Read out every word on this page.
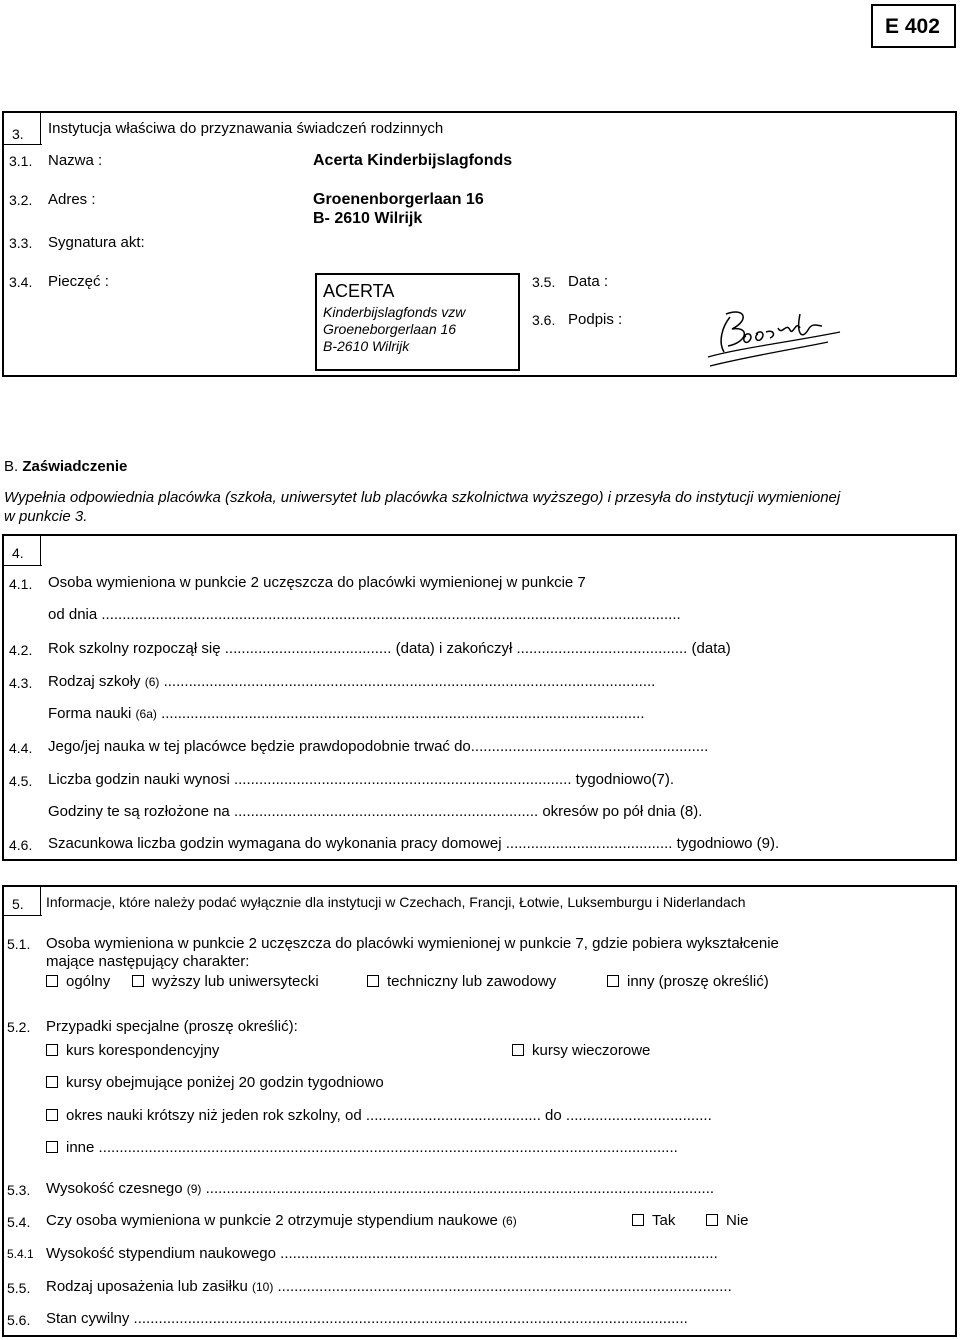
E 402
3. Instytucja właściwa do przyznawania świadczeń rodzinnych
3.1. Nazwa :	Acerta Kinderbijslagfonds
3.2. Adres :	Groenenborgerlaan 16
B- 2610 Wilrijk
3.3. Sygnatura akt:
3.4. Pieczęć :	ACERTA
Kinderbijslagfonds vzw
Groeneborgerlaan 16
B-2610 Wilrijk
3.5. Data :
3.6. Podpis :
B. Zaświadczenie
Wypełnia odpowiednia placówka (szkoła, uniwersytet lub placówka szkolnictwa wyższego) i przesyła do instytucji wymienionej
w punkcie 3.
4.
4.1. Osoba wymieniona w punkcie 2 uczęszcza do placówki wymienionej w punkcie 7
od dnia ...........................................................................................................................................
4.2. Rok szkolny rozpoczął się ........................................ (data) i zakończył ......................................... (data)
4.3. Rodzaj szkoły (6) ......................................................................................................................
Forma nauki (6a) ....................................................................................................................
4.4. Jego/jej nauka w tej placówce będzie prawdopodobnie trwać do.........................................................
4.5. Liczba godzin nauki wynosi ................................................................................. tygodniowo(7).
Godziny te są rozłożone na ......................................................................... okresów po pół dnia (8).
4.6. Szacunkowa liczba godzin wymagana do wykonania pracy domowej ........................................ tygodniowo (9).
5. Informacje, które należy podać wyłącznie dla instytucji w Czechach, Francji, Łotwie, Luksemburgu i Niderlandach
5.1. Osoba wymieniona w punkcie 2 uczęszcza do placówki wymienionej w punkcie 7, gdzie pobiera wykształcenie
mające następujący charakter:
ogólny	wyższy lub uniwersytecki	techniczny lub zawodowy	inny (proszę określić)
5.2. Przypadki specjalne (proszę określić):
kurs korespondencyjny	kursy wieczorowe
kursy obejmujące poniżej 20 godzin tygodniowo
okres nauki krótszy niż jeden rok szkolny, od .......................................... do ...................................
inne ...........................................................................................................................................
5.3. Wysokość czesnego (9) ..........................................................................................................................
5.4. Czy osoba wymieniona w punkcie 2 otrzymuje stypendium naukowe (6)	Tak	Nie
5.4.1 Wysokość stypendium naukowego .........................................................................................................
5.5. Rodzaj uposażenia lub zasiłku (10) .............................................................................................................
5.6. Stan cywilny .....................................................................................................................................
